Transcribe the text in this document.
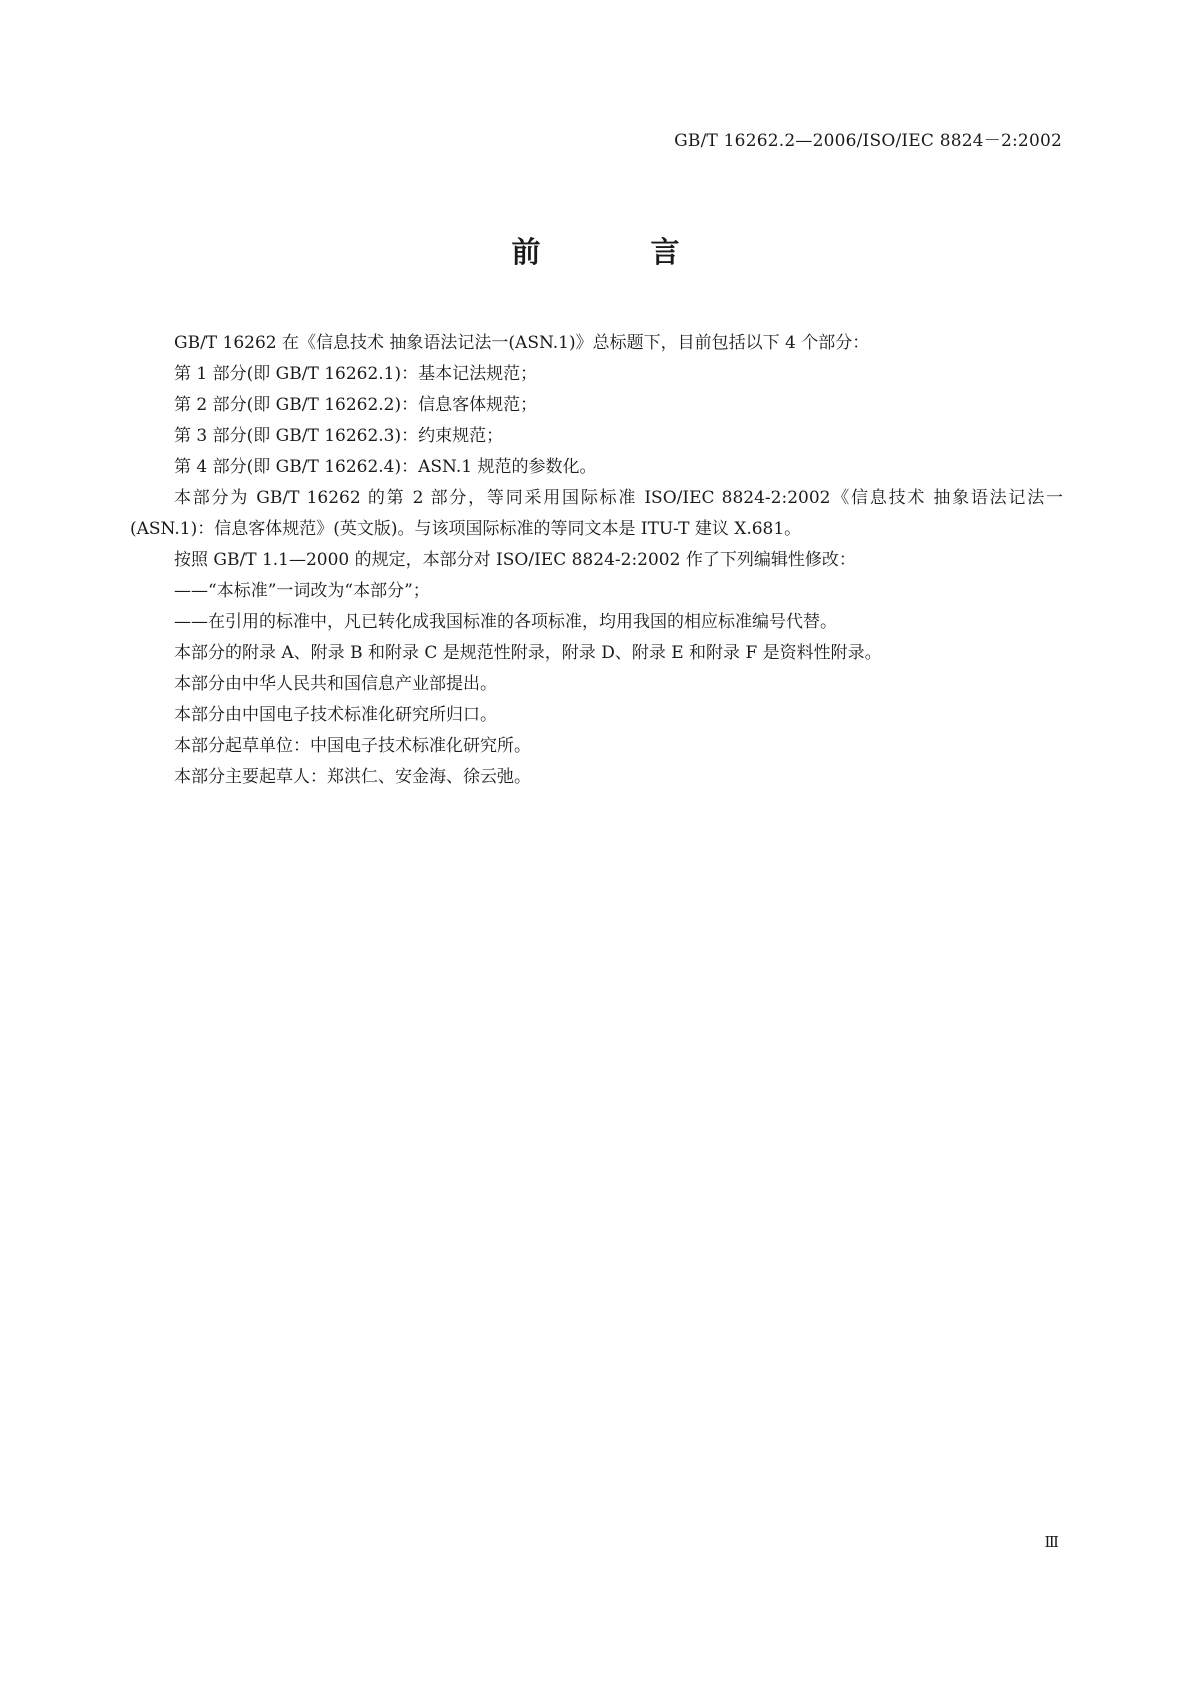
GB/T 16262.2—2006/ISO/IEC 8824－2:2002
前 言

GB/T 16262 在《信息技术 抽象语法记法一(ASN.1)》总标题下，目前包括以下 4 个部分：

第 1 部分(即 GB/T 16262.1)：基本记法规范；

第 2 部分(即 GB/T 16262.2)：信息客体规范；

第 3 部分(即 GB/T 16262.3)：约束规范；

第 4 部分(即 GB/T 16262.4)：ASN.1 规范的参数化。

本部分为 GB/T 16262 的第 2 部分，等同采用国际标准 ISO/IEC 8824-2:2002《信息技术 抽象语法记法一(ASN.1)：信息客体规范》(英文版)。与该项国际标准的等同文本是 ITU-T 建议 X.681。

按照 GB/T 1.1—2000 的规定，本部分对 ISO/IEC 8824-2:2002 作了下列编辑性修改：

——“本标准”一词改为“本部分”；

——在引用的标准中，凡已转化成我国标准的各项标准，均用我国的相应标准编号代替。

本部分的附录 A、附录 B 和附录 C 是规范性附录，附录 D、附录 E 和附录 F 是资料性附录。

本部分由中华人民共和国信息产业部提出。

本部分由中国电子技术标准化研究所归口。

本部分起草单位：中国电子技术标准化研究所。

本部分主要起草人：郑洪仁、安金海、徐云弛。

Ⅲ
